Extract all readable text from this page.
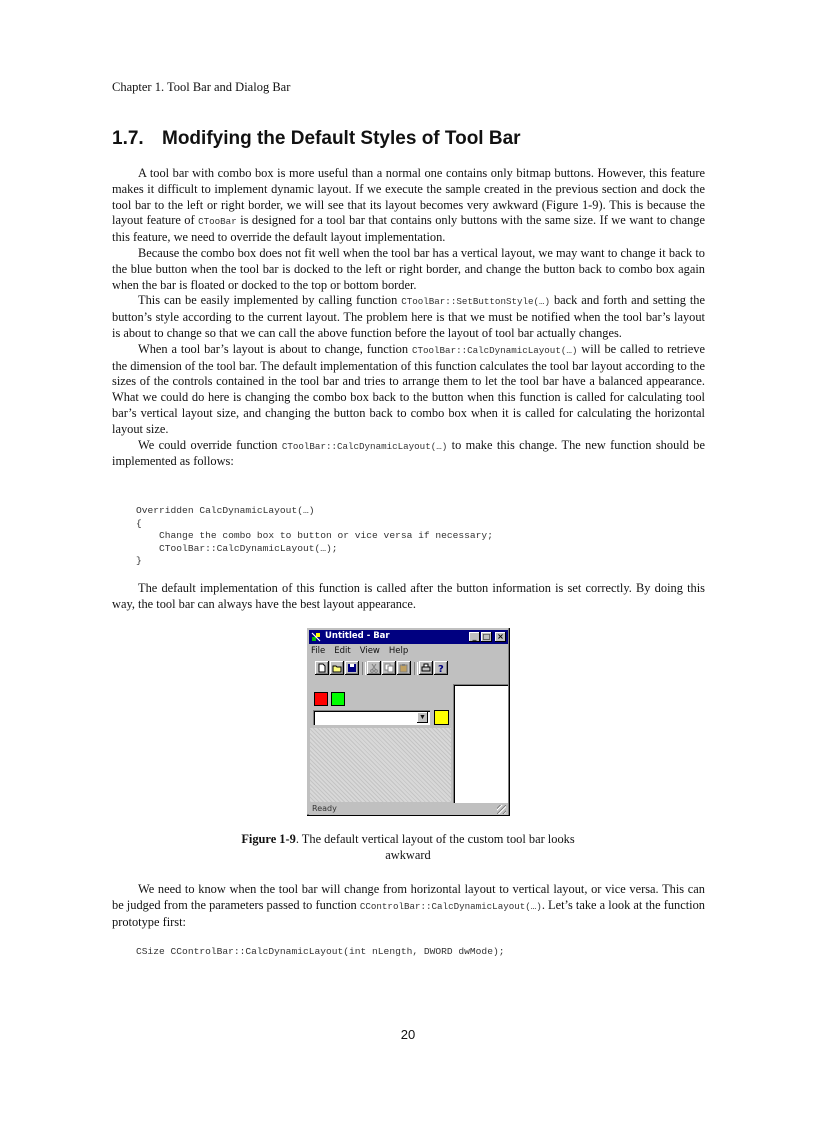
Chapter 1. Tool Bar and Dialog Bar
1.7. Modifying the Default Styles of Tool Bar

A tool bar with combo box is more useful than a normal one contains only bitmap buttons. However, this feature makes it difficult to implement dynamic layout. If we execute the sample created in the previous section and dock the tool bar to the left or right border, we will see that its layout becomes very awkward (Figure 1-9). This is because the layout feature of CTooBar is designed for a tool bar that contains only buttons with the same size. If we want to change this feature, we need to override the default layout implementation.

Because the combo box does not fit well when the tool bar has a vertical layout, we may want to change it back to the blue button when the tool bar is docked to the left or right border, and change the button back to combo box again when the bar is floated or docked to the top or bottom border.

This can be easily implemented by calling function CToolBar::SetButtonStyle(…) back and forth and setting the button’s style according to the current layout. The problem here is that we must be notified when the tool bar’s layout is about to change so that we can call the above function before the layout of tool bar actually changes.

When a tool bar’s layout is about to change, function CToolBar::CalcDynamicLayout(…) will be called to retrieve the dimension of the tool bar. The default implementation of this function calculates the tool bar layout according to the sizes of the controls contained in the tool bar and tries to arrange them to let the tool bar have a balanced appearance. What we could do here is changing the combo box back to the button when this function is called for calculating tool bar’s vertical layout size, and changing the button back to combo box when it is called for calculating the horizontal layout size.

We could override function CToolBar::CalcDynamicLayout(…) to make this change. The new function should be implemented as follows:

Overridden CalcDynamicLayout(…)
{
Change the combo box to button or vice versa if necessary;
CToolBar::CalcDynamicLayout(…);
}

The default implementation of this function is called after the button information is set correctly. By doing this way, the tool bar can always have the best layout appearance.

Untitled - Bar	_ □ ×
File Edit View Help
?
▼
Ready
Figure 1-9. The default vertical layout of the custom tool bar looks awkward

We need to know when the tool bar will change from horizontal layout to vertical layout, or vice versa. This can be judged from the parameters passed to function CControlBar::CalcDynamicLayout(…). Let’s take a look at the function prototype first:

CSize CControlBar::CalcDynamicLayout(int nLength, DWORD dwMode);
20
